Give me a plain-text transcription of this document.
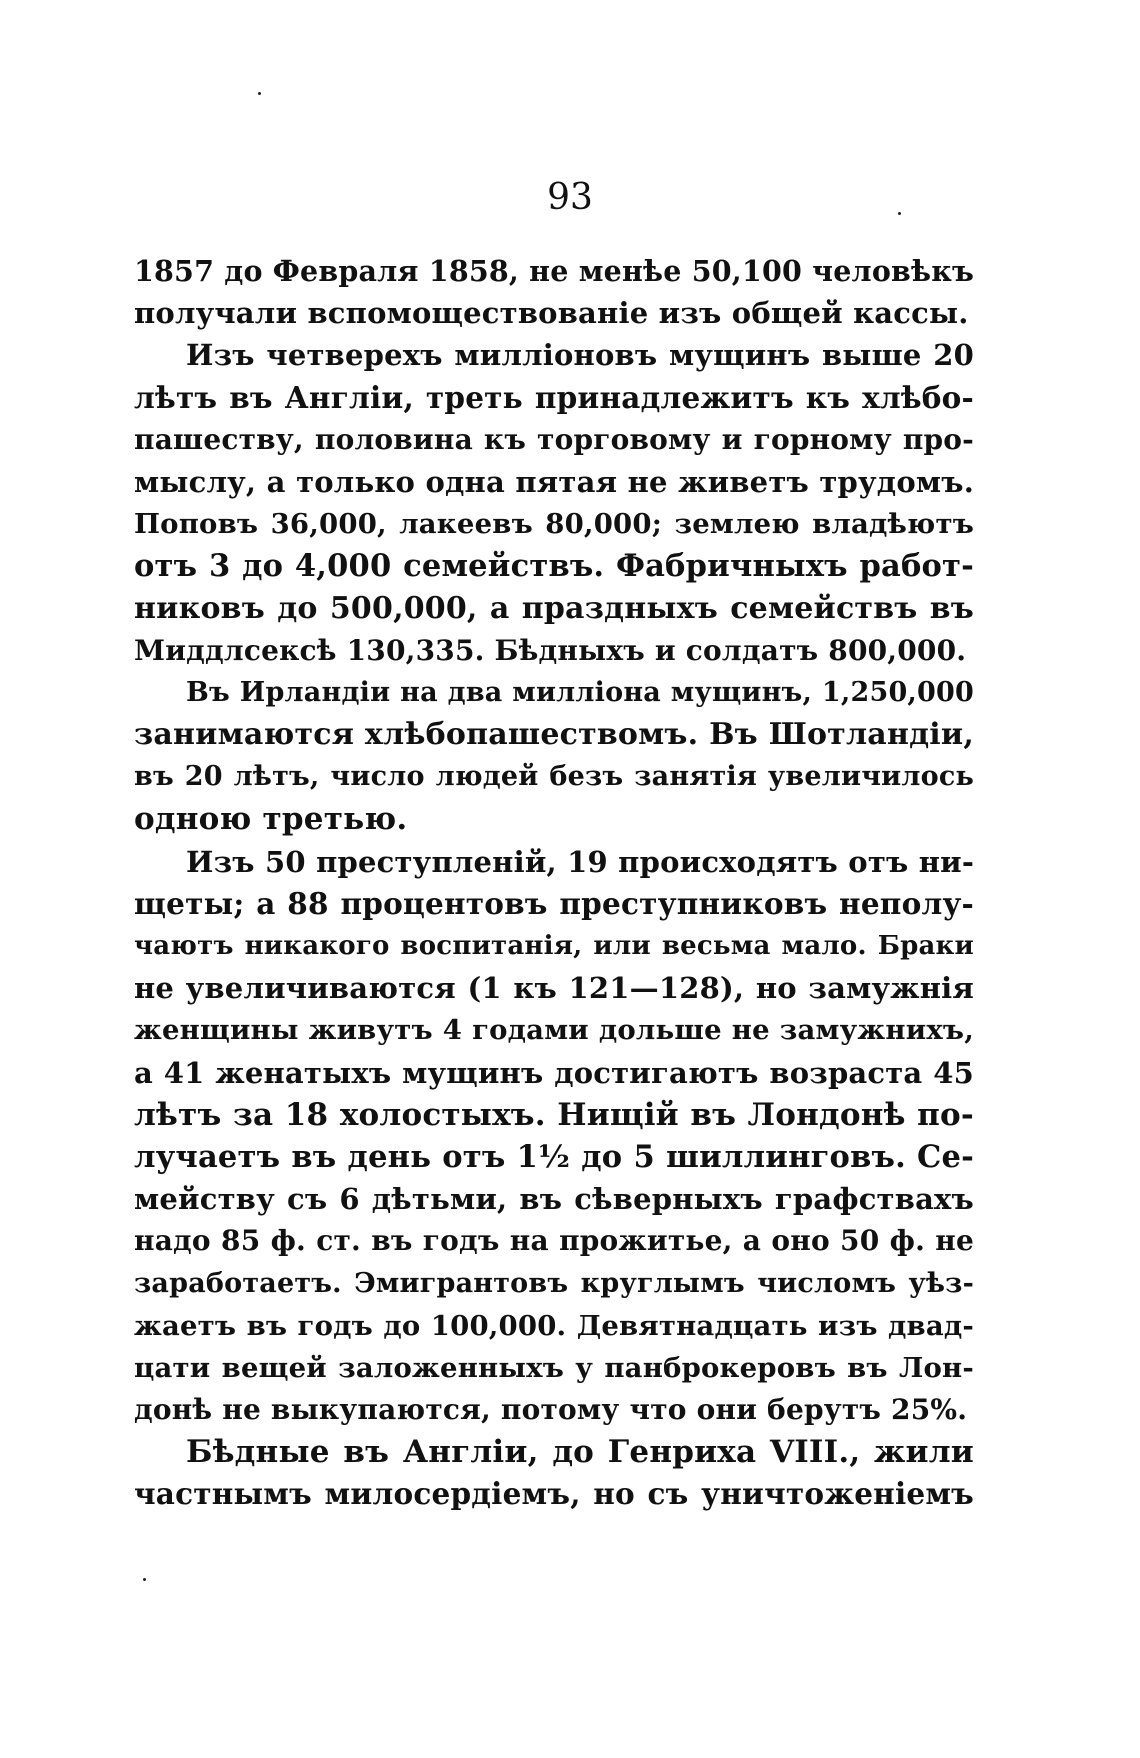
93
1857 до Февраля 1858, не менѣе 50,100 человѣкъ
получали вспомоществованіе изъ общей кассы.
Изъ четверехъ милліоновъ мущинъ выше 20
лѣтъ въ Англіи, треть принадлежитъ къ хлѣбо-
пашеству, половина къ торговому и горному про-
мыслу, а только одна пятая не живетъ трудомъ.
Поповъ 36,000, лакеевъ 80,000; землею владѣютъ
отъ 3 до 4,000 семействъ. Фабричныхъ работ-
никовъ до 500,000, а праздныхъ семействъ въ
Миддлсексѣ 130,335. Бѣдныхъ и солдатъ 800,000.
Въ Ирландіи на два милліона мущинъ, 1,250,000
занимаются хлѣбопашествомъ. Въ Шотландіи,
въ 20 лѣтъ, число людей безъ занятія увеличилось
одною третью.
Изъ 50 преступленій, 19 происходятъ отъ ни-
щеты; а 88 процентовъ преступниковъ неполу-
чаютъ никакого воспитанія, или весьма мало. Браки
не увеличиваются (1 къ 121—128), но замужнія
женщины живутъ 4 годами дольше не замужнихъ,
а 41 женатыхъ мущинъ достигаютъ возраста 45
лѣтъ за 18 холостыхъ. Нищій въ Лондонѣ по-
лучаетъ въ день отъ 1½ до 5 шиллинговъ. Се-
мейству съ 6 дѣтьми, въ сѣверныхъ графствахъ
надо 85 ф. ст. въ годъ на прожитье, а оно 50 ф. не
заработаетъ. Эмигрантовъ круглымъ числомъ уѣз-
жаетъ въ годъ до 100,000. Девятнадцать изъ двад-
цати вещей заложенныхъ у панброкеровъ въ Лон-
донѣ не выкупаются, потому что они берутъ 25%.
Бѣдные въ Англіи, до Генриха VIII., жили
частнымъ милосердіемъ, но съ уничтоженіемъ
